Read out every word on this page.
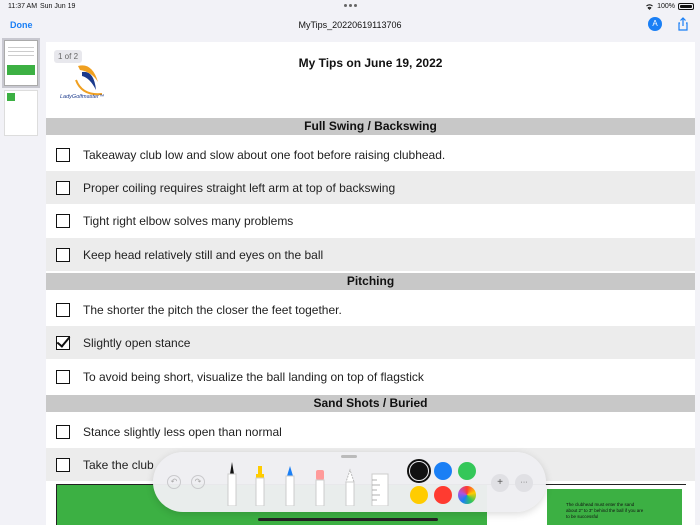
11:37 AM Sun Jun 19	100%
MyTips_20220619113706
Done	A
My Tips on June 19, 2022
LadyGolfmaster™
1 of 2
Full Swing / Backswing
Takeaway club low and slow about one foot before raising clubhead.
Proper coiling requires straight left arm at top of backswing
Tight right elbow solves many problems
Keep head relatively still and eyes on the ball
Pitching
The shorter the pitch the closer the feet together.
Slightly open stance
To avoid being short, visualize the ball landing on top of flagstick
Sand Shots / Buried
Stance slightly less open than normal
Take the club
The clubhead must enter the sand about 2" to 3" behind the ball if you are to be successful
↶	↷	+	···
